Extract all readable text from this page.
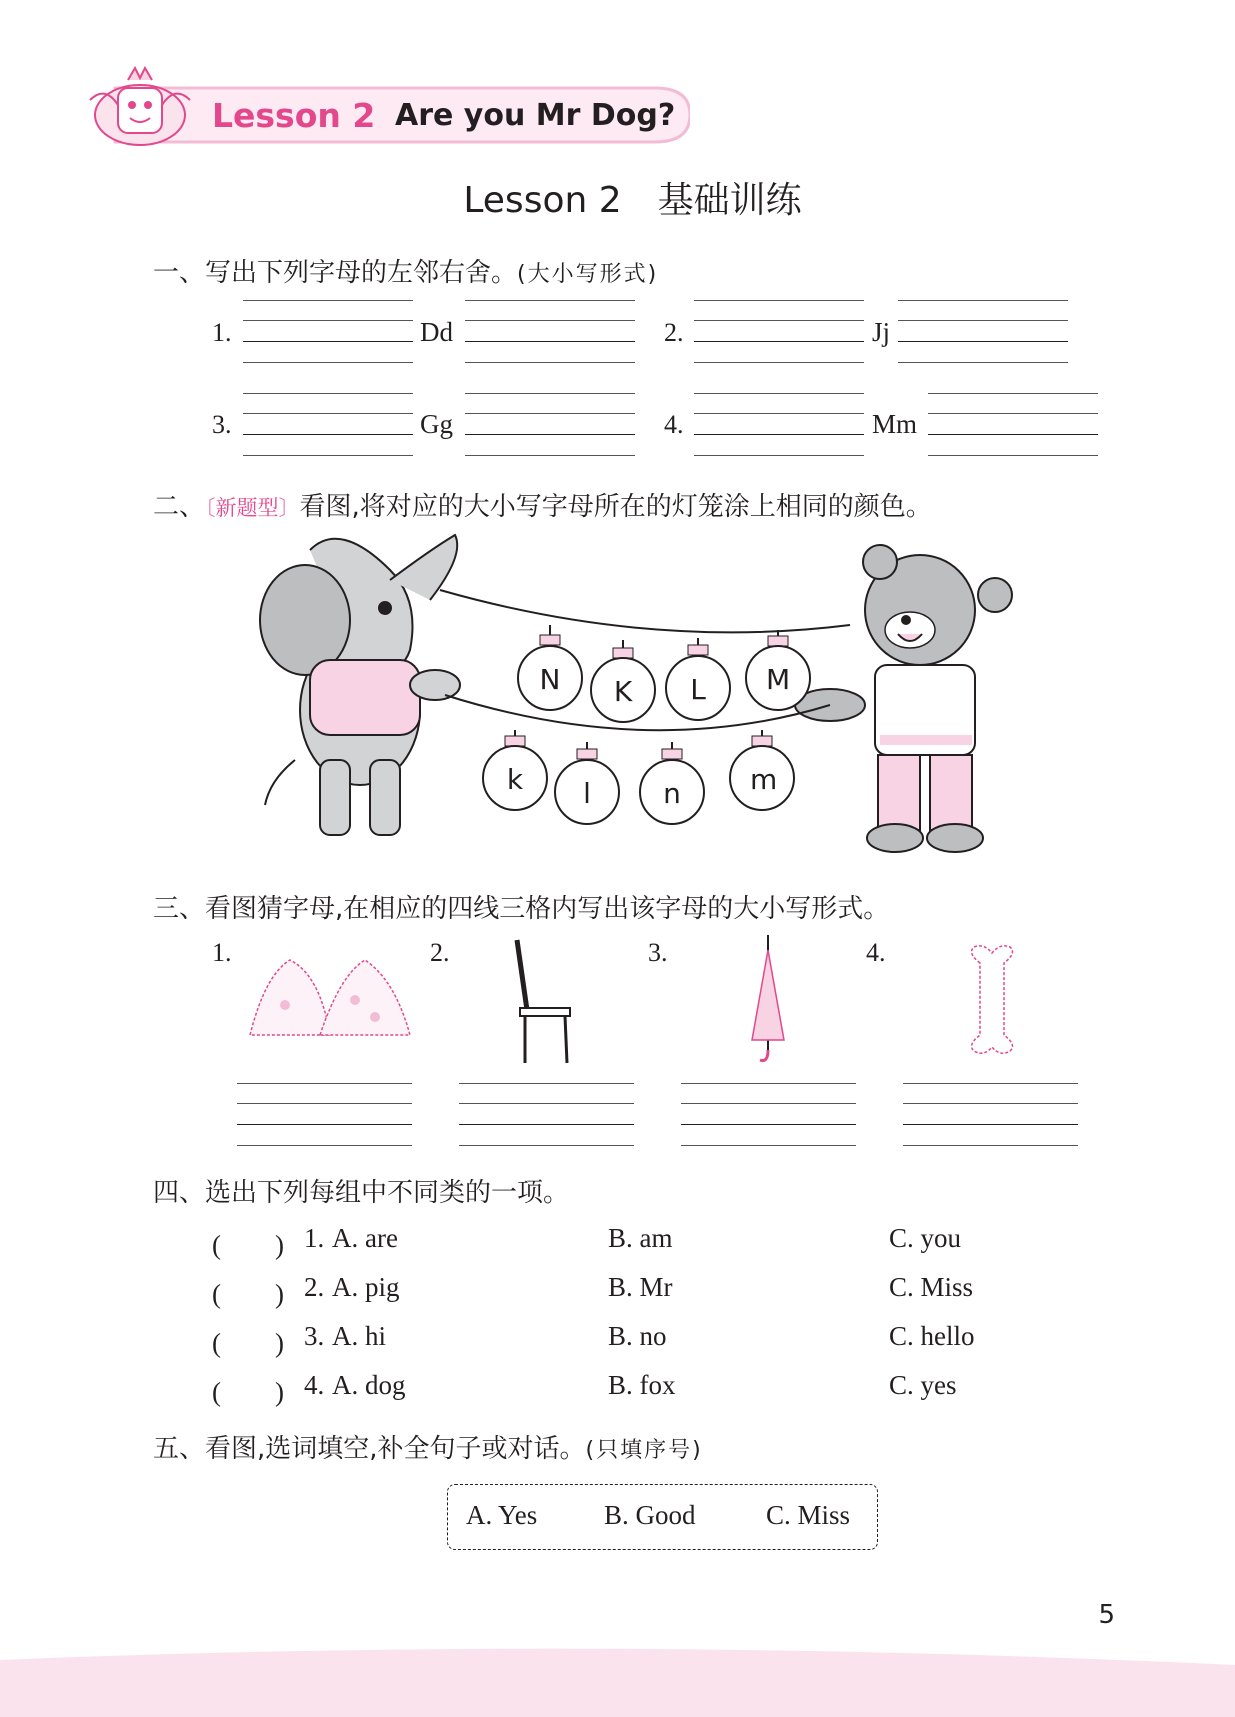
Lesson 2 Are you Mr Dog?
Lesson 2　基础训练
一、写出下列字母的左邻右舍。(大小写形式)
1.	Dd	2.	Jj
3.	Gg	4.	Mm
二、〔新题型〕看图,将对应的大小写字母所在的灯笼涂上相同的颜色。
N K L M
k l	n m
三、看图猜字母,在相应的四线三格内写出该字母的大小写形式。
1.	2.	3.	4.
四、选出下列每组中不同类的一项。
(　　) 1. A. are	B. am	C. you
(　　) 2. A. pig	B. Mr	C. Miss
(　　) 3. A. hi	B. no	C. hello
(　　) 4. A. dog	B. fox	C. yes
五、看图,选词填空,补全句子或对话。(只填序号)
A. Yes B. Good	C. Miss
5
